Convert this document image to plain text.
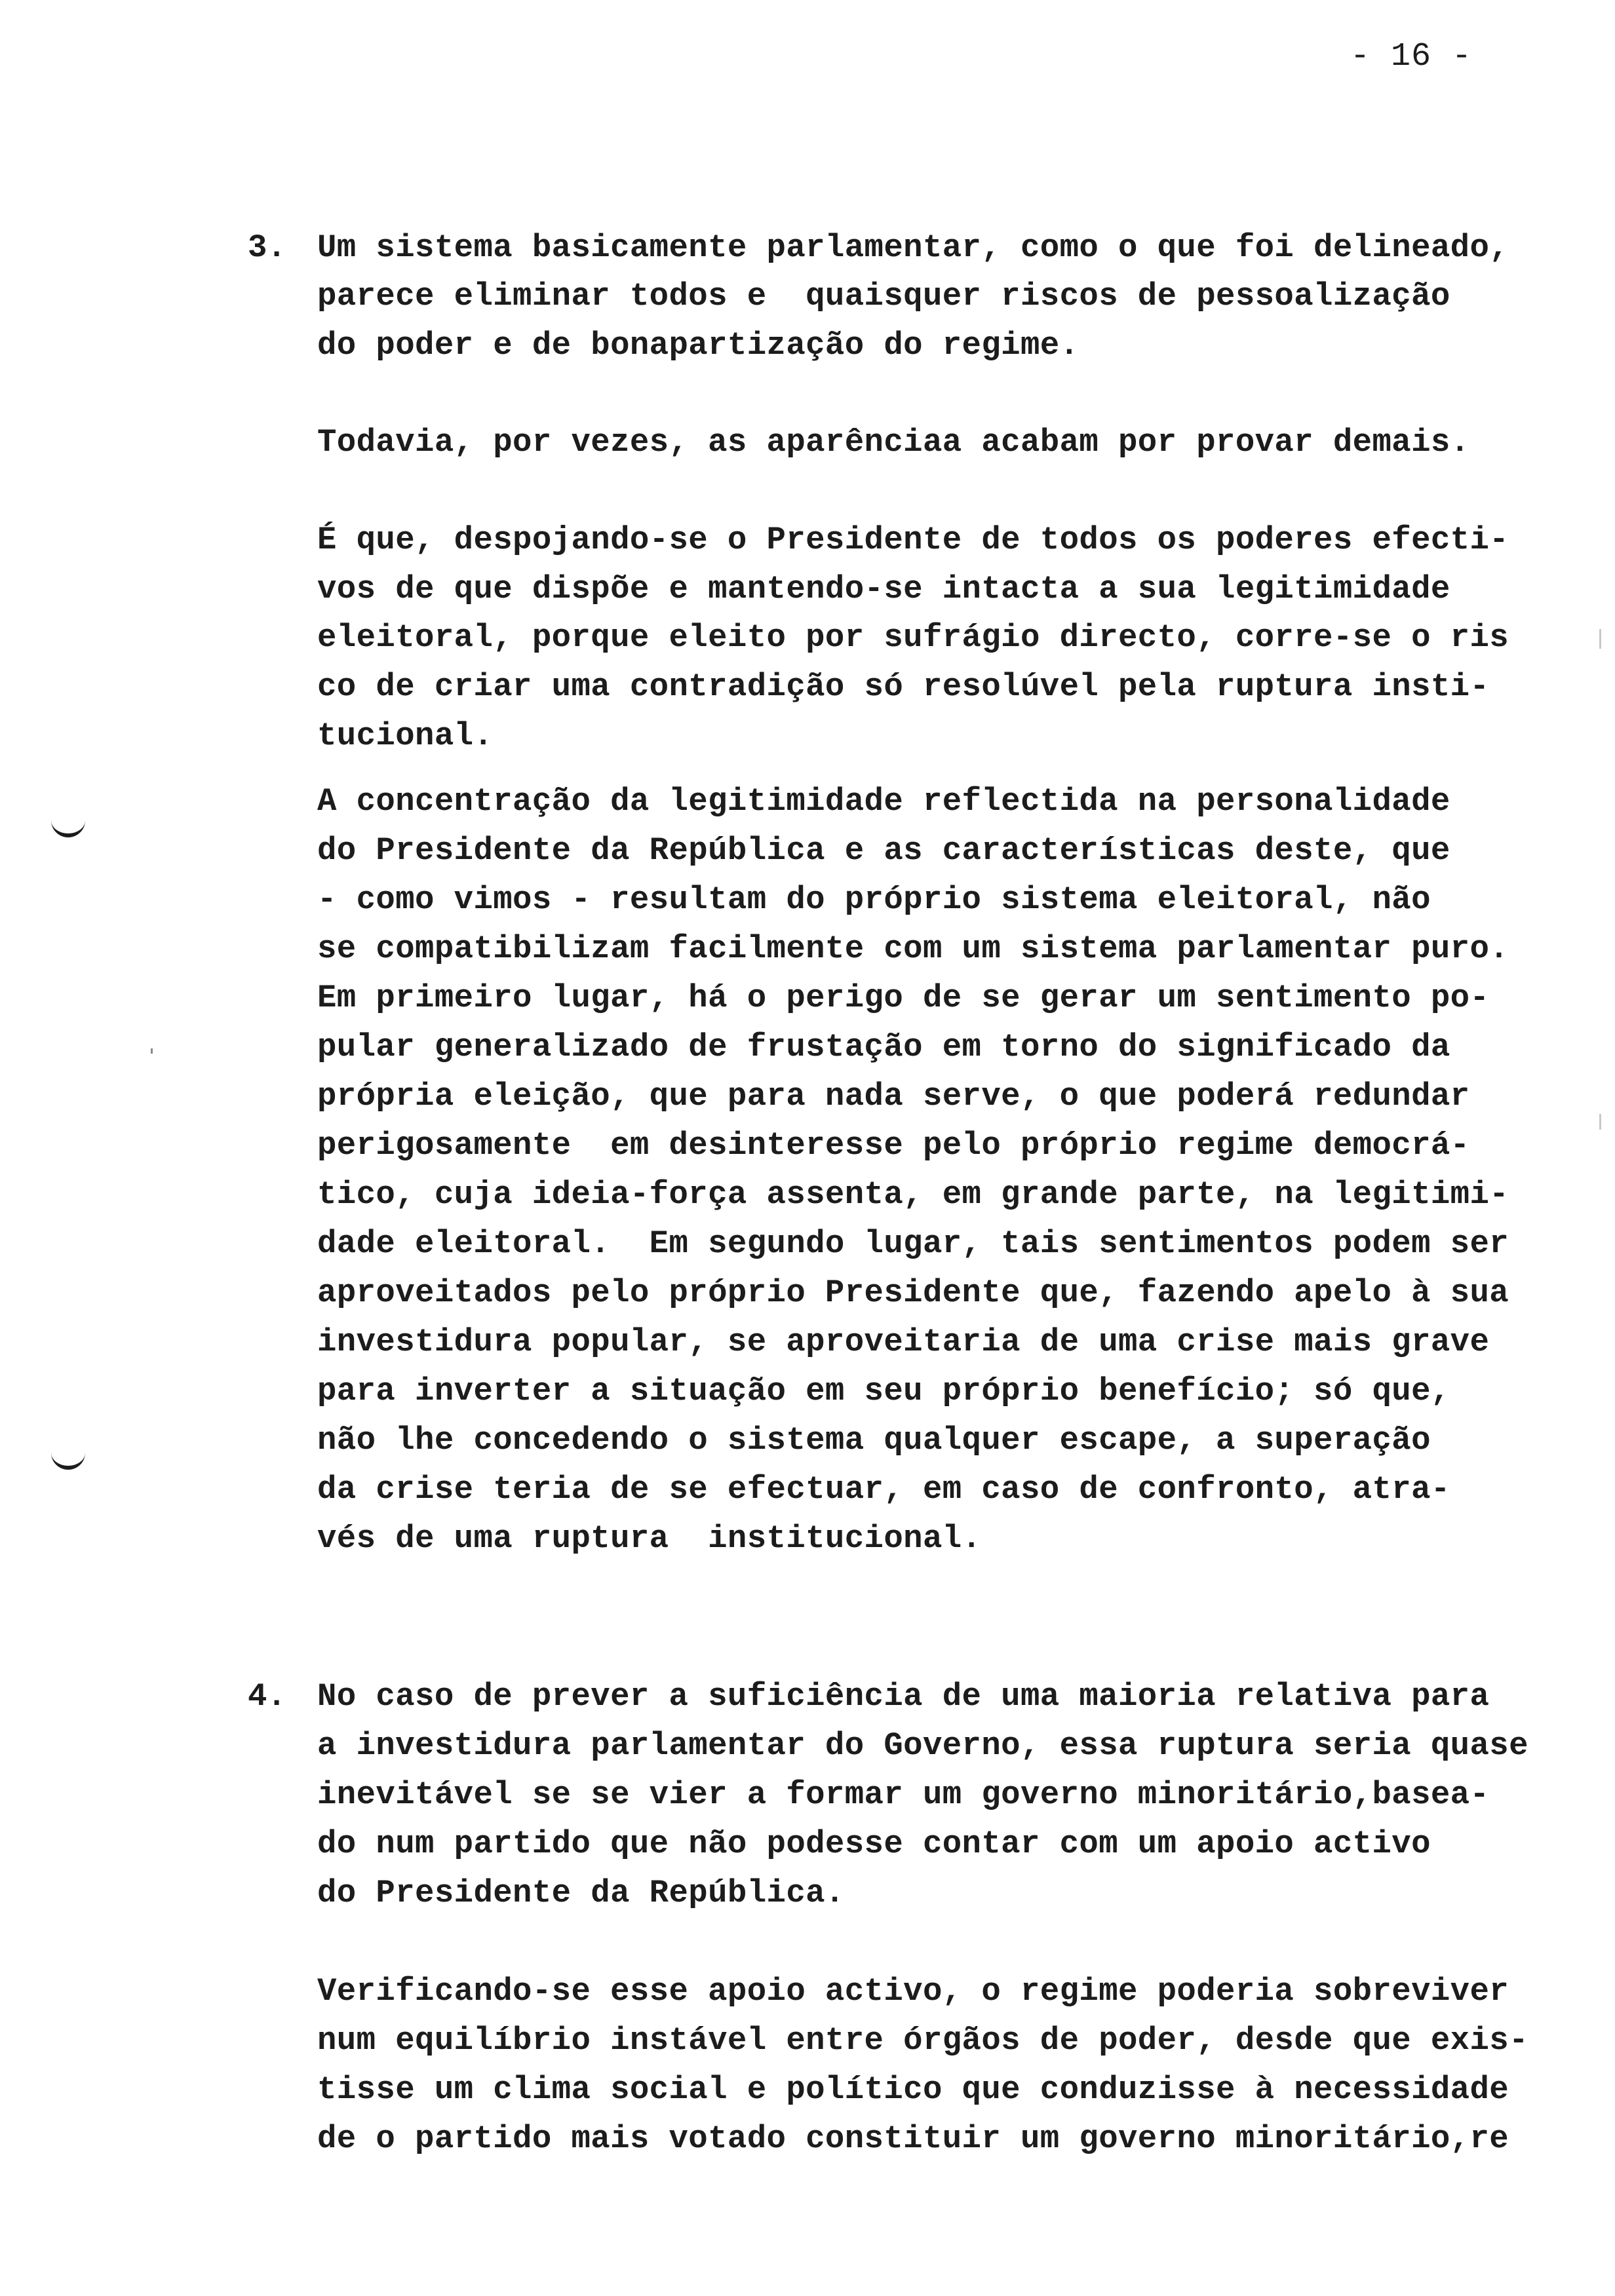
- 16 -
3. Um sistema basicamente parlamentar, como o que foi delineado,
parece eliminar todos e  quaisquer riscos de pessoalização
do poder e de bonapartização do regime.
Todavia, por vezes, as aparênciaa acabam por provar demais.
É que, despojando-se o Presidente de todos os poderes efecti-
vos de que dispõe e mantendo-se intacta a sua legitimidade
eleitoral, porque eleito por sufrágio directo, corre-se o ris
co de criar uma contradição só resolúvel pela ruptura insti-
tucional.
A concentração da legitimidade reflectida na personalidade
do Presidente da República e as características deste, que
- como vimos - resultam do próprio sistema eleitoral, não
se compatibilizam facilmente com um sistema parlamentar puro.
Em primeiro lugar, há o perigo de se gerar um sentimento po-
pular generalizado de frustação em torno do significado da
própria eleição, que para nada serve, o que poderá redundar
perigosamente  em desinteresse pelo próprio regime democrá-
tico, cuja ideia-força assenta, em grande parte, na legitimi-
dade eleitoral.  Em segundo lugar, tais sentimentos podem ser
aproveitados pelo próprio Presidente que, fazendo apelo à sua
investidura popular, se aproveitaria de uma crise mais grave
para inverter a situação em seu próprio benefício; só que,
não lhe concedendo o sistema qualquer escape, a superação
da crise teria de se efectuar, em caso de confronto, atra-
vés de uma ruptura  institucional.
4. No caso de prever a suficiência de uma maioria relativa para
a investidura parlamentar do Governo, essa ruptura seria quase
inevitável se se vier a formar um governo minoritário,basea-
do num partido que não podesse contar com um apoio activo
do Presidente da República.
Verificando-se esse apoio activo, o regime poderia sobreviver
num equilíbrio instável entre órgãos de poder, desde que exis-
tisse um clima social e político que conduzisse à necessidade
de o partido mais votado constituir um governo minoritário,re
